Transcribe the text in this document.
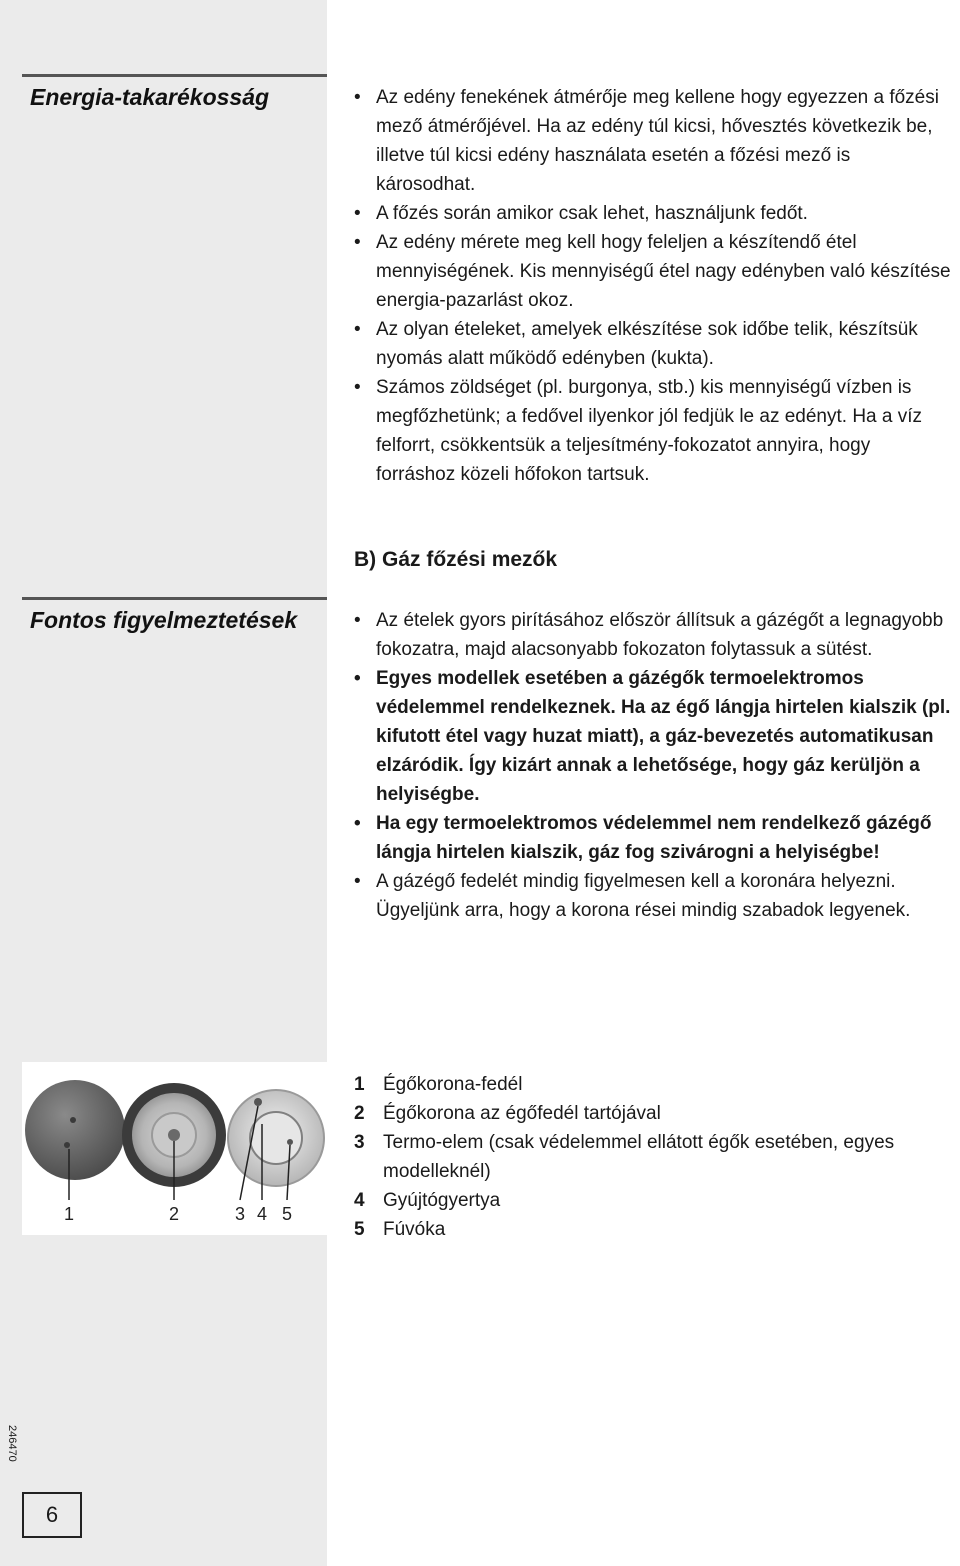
Energia-takarékosság	• Az edény fenekének átmérője meg kellene hogy egyezzen a főzési mező átmérőjével. Ha az edény túl kicsi, hővesztés következik be, illetve túl kicsi edény használata esetén a főzési mező is károsodhat.
• A főzés során amikor csak lehet, használjunk fedőt.
• Az edény mérete meg kell hogy feleljen a készítendő étel mennyiségének. Kis mennyiségű étel nagy edényben való készítése energia-pazarlást okoz.
• Az olyan ételeket, amelyek elkészítése sok időbe telik, készítsük nyomás alatt működő edényben (kukta).
• Számos zöldséget (pl. burgonya, stb.) kis mennyiségű vízben is megfőzhetünk; a fedővel ilyenkor jól fedjük le az edényt. Ha a víz felforrt, csökkentsük a teljesítmény-fokozatot annyira, hogy forráshoz közeli hőfokon tartsuk.
B) Gáz főzési mezők
Fontos figyelmeztetések	• Az ételek gyors pirításához először állítsuk a gázégőt a legnagyobb fokozatra, majd alacsonyabb fokozaton folytassuk a sütést.
• Egyes modellek esetében a gázégők termoelektromos védelemmel rendelkeznek. Ha az égő lángja hirtelen kialszik (pl. kifutott étel vagy huzat miatt), a gáz-bevezetés automatikusan elzáródik. Így kizárt annak a lehetősége, hogy gáz kerüljön a helyiségbe.
• Ha egy termoelektromos védelemmel nem rendelkező gázégő lángja hirtelen kialszik, gáz fog szivárogni a helyiségbe!
• A gázégő fedelét mindig figyelmesen kell a koronára helyezni. Ügyeljünk arra, hogy a korona rései mindig szabadok legyenek.
1	2	3 4 5
1 Égőkorona-fedél
2 Égőkorona az égőfedél tartójával
3 Termo-elem (csak védelemmel ellátott égők esetében, egyes modelleknél)
4 Gyújtógyertya
5 Fúvóka
246470
6
